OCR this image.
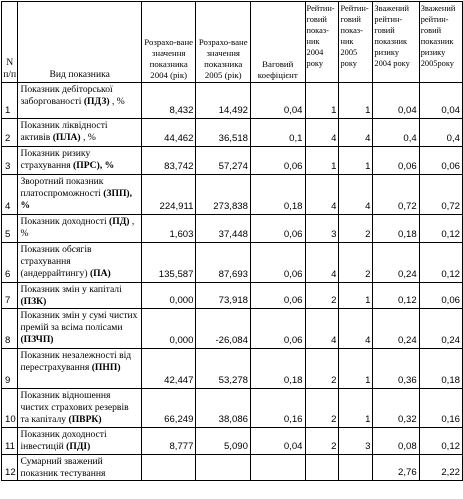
N п/п	Вид показника	Розрахо-ване значення показника 2004 (рік)	Розрахо-ване значення показника 2005 (рік)	Ваговий коефіцієнт	Рейтин-говий показ-ник 2004 року	Рейтин-говий показ-ник 2005 року	Зважений рейтин-говий показник ризику 2004 року	Зважений рейтин-говий показник ризику 2005року
1	Показник дебіторської заборгованості (ПДЗ) , %	8,432	14,492	0,04	1	1	0,04	0,04
2	Показник ліквідності активів (ПЛА) , %	44,462	36,518	0,1	4	4	0,4	0,4
3	Показник ризику страхування (ПРС), %	83,742	57,274	0,06	1	1	0,06	0,06
4	Зворотний показник платоспроможності (ЗПП), %	224,911	273,838	0,18	4	4	0,72	0,72
5	Показник доходності (ПД) , %	1,603	37,448	0,06	3	2	0,18	0,12
6	Показник обсягів страхування (андеррайтингу) (ПА)	135,587	87,693	0,06	4	2	0,24	0,12
7	Показник змін у капіталі (ПЗК)	0,000	73,918	0,06	2	1	0,12	0,06
8	Показник змін у сумі чистих премій за всіма полісами (ПЗЧП)	0,000	-26,084	0,06	4	4	0,24	0,24
9	Показник незалежності від перестрахування (ПНП)	42,447	53,278	0,18	2	1	0,36	0,18
10	Показник відношення чистих страхових резервів та капіталу (ПВРК)	66,249	38,086	0,16	2	1	0,32	0,16
11	Показник доходності інвестицій (ПДІ)	8,777	5,090	0,04	2	3	0,08	0,12
12	Сумарний зважений показник тестування						2,76	2,22
